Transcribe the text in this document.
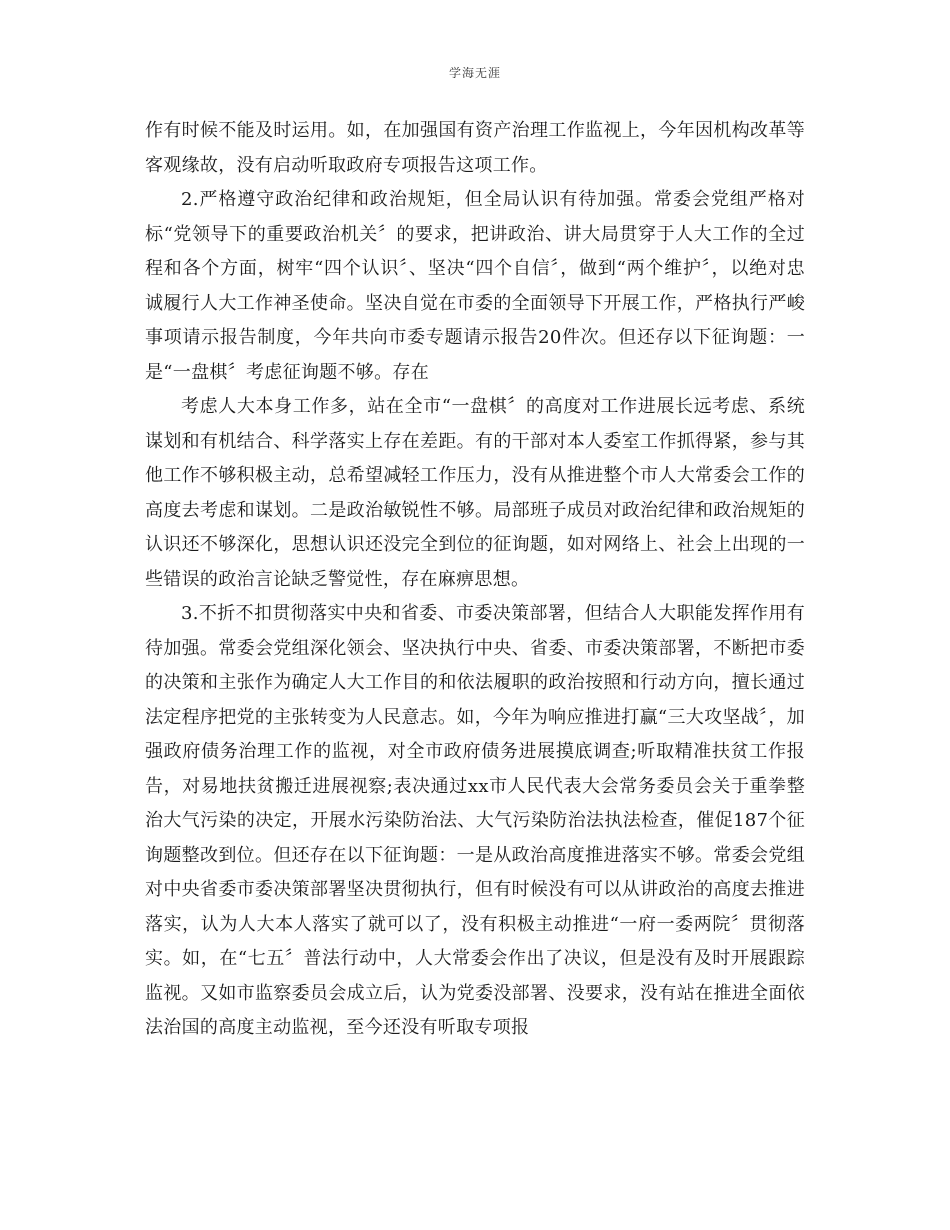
学海无涯

作有时候不能及时运用。如，在加强国有资产治理工作监视上，今年因机构改革等客观缘故，没有启动听取政府专项报告这项工作。

2.严格遵守政治纪律和政治规矩，但全局认识有待加强。常委会党组严格对标“党领导下的重要政治机关〞的要求，把讲政治、讲大局贯穿于人大工作的全过程和各个方面，树牢“四个认识〞、坚决“四个自信〞，做到“两个维护〞，以绝对忠诚履行人大工作神圣使命。坚决自觉在市委的全面领导下开展工作，严格执行严峻事项请示报告制度，今年共向市委专题请示报告20件次。但还存以下征询题：一是“一盘棋〞考虑征询题不够。存在

考虑人大本身工作多，站在全市“一盘棋〞的高度对工作进展长远考虑、系统谋划和有机结合、科学落实上存在差距。有的干部对本人委室工作抓得紧，参与其他工作不够积极主动，总希望减轻工作压力，没有从推进整个市人大常委会工作的高度去考虑和谋划。二是政治敏锐性不够。局部班子成员对政治纪律和政治规矩的认识还不够深化，思想认识还没完全到位的征询题，如对网络上、社会上出现的一些错误的政治言论缺乏警觉性，存在麻痹思想。

3.不折不扣贯彻落实中央和省委、市委决策部署，但结合人大职能发挥作用有待加强。常委会党组深化领会、坚决执行中央、省委、市委决策部署，不断把市委的决策和主张作为确定人大工作目的和依法履职的政治按照和行动方向，擅长通过法定程序把党的主张转变为人民意志。如，今年为响应推进打赢“三大攻坚战〞，加强政府债务治理工作的监视，对全市政府债务进展摸底调查;听取精准扶贫工作报告，对易地扶贫搬迁进展视察;表决通过xx市人民代表大会常务委员会关于重拳整治大气污染的决定，开展水污染防治法、大气污染防治法执法检查，催促187个征询题整改到位。但还存在以下征询题：一是从政治高度推进落实不够。常委会党组对中央省委市委决策部署坚决贯彻执行，但有时候没有可以从讲政治的高度去推进落实，认为人大本人落实了就可以了，没有积极主动推进“一府一委两院〞贯彻落实。如，在“七五〞普法行动中，人大常委会作出了决议，但是没有及时开展跟踪监视。又如市监察委员会成立后，认为党委没部署、没要求，没有站在推进全面依法治国的高度主动监视，至今还没有听取专项报
